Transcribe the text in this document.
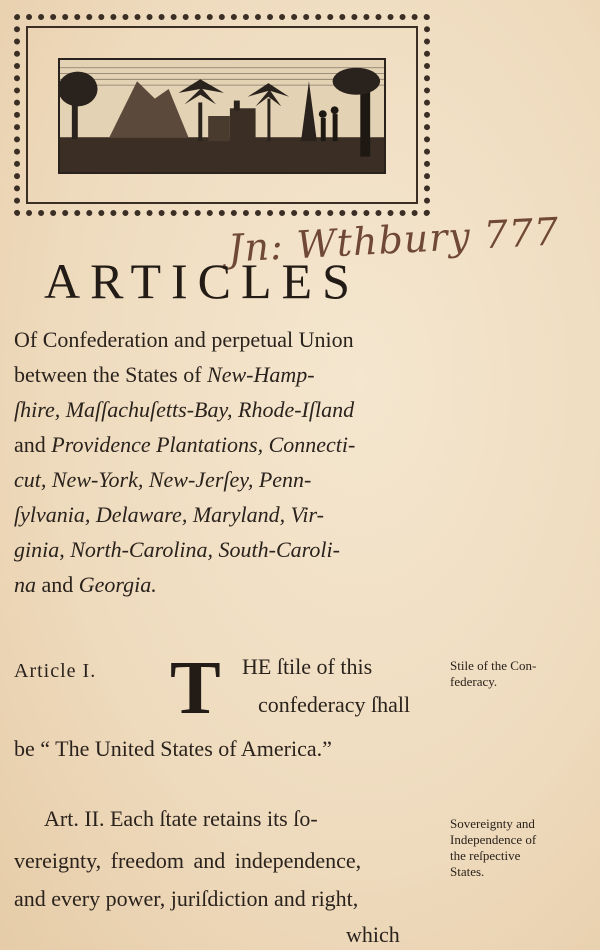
Jn: Wthbury 777
ARTICLES
Of Confederation and perpetual Union
between the States of New-Hamp-
ſhire, Maſſachuſetts-Bay, Rhode-Iſland
and Providence Plantations, Connecti-
cut, New-York, New-Jerſey, Penn-
ſylvania, Delaware, Maryland, Vir-
ginia, North-Carolina, South-Caroli-
na and Georgia.
Article I. T HE ſtile of this
confederacy ſhall
be “ The United States of America.”
Art. II. Each ſtate retains its ſo-
vereignty, freedom and independence,
and every power, juriſdiction and right,
which
Stile of the Con-
federacy.
Sovereignty and
Independence of
the reſpective
States.
